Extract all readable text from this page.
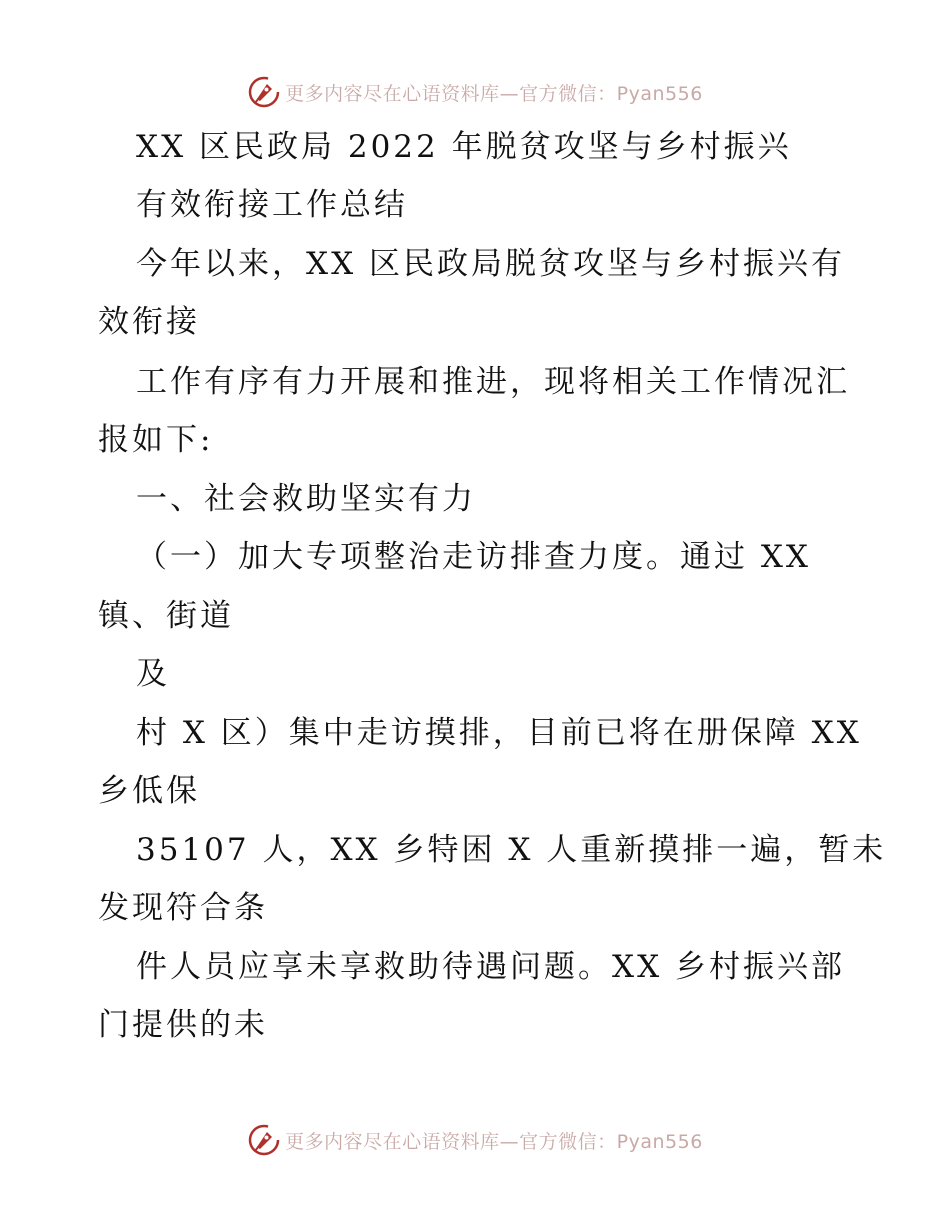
更多内容尽在心语资料库—官方微信：Pyan556
XX 区民政局 2022 年脱贫攻坚与乡村振兴
有效衔接工作总结
今年以来，XX 区民政局脱贫攻坚与乡村振兴有
效衔接
工作有序有力开展和推进，现将相关工作情况汇
报如下:
一、社会救助坚实有力
（一）加大专项整治走访排查力度。通过 XX
镇、街道
及
村 X 区）集中走访摸排，目前已将在册保障 XX
乡低保
35107 人，XX 乡特困 X 人重新摸排一遍，暂未
发现符合条
件人员应享未享救助待遇问题。XX 乡村振兴部
门提供的未
更多内容尽在心语资料库—官方微信：Pyan556
